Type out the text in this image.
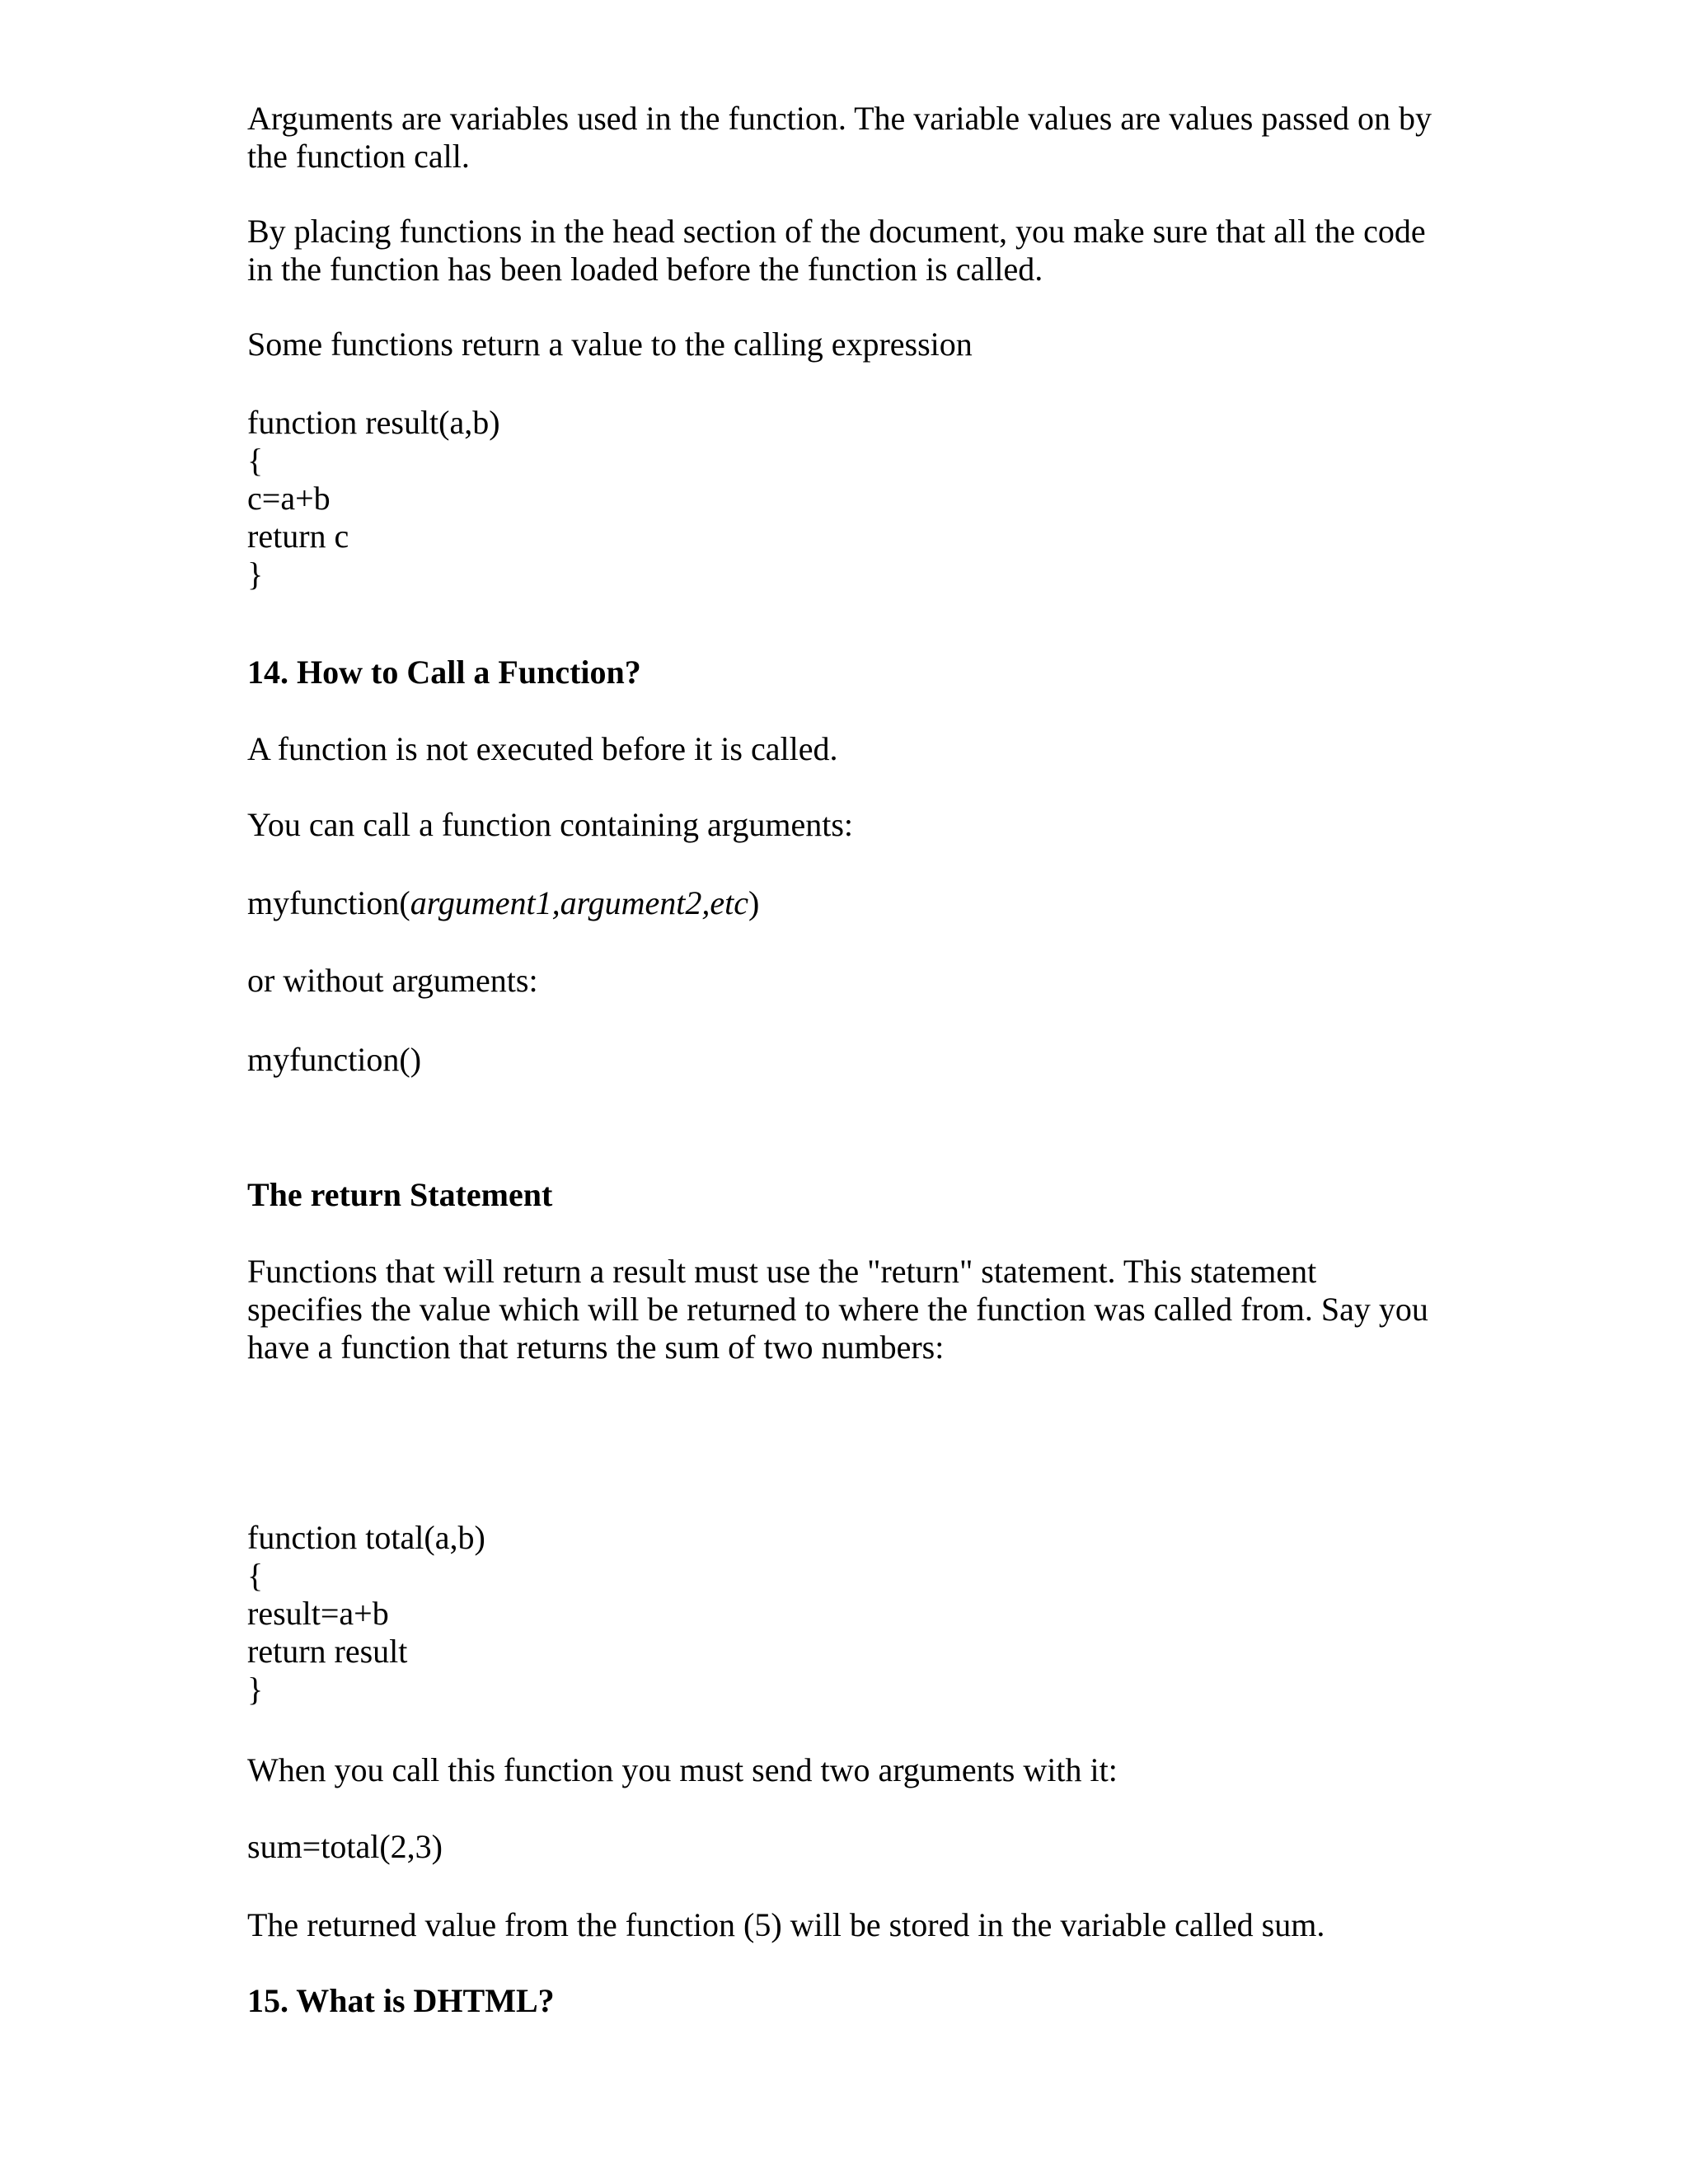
Arguments are variables used in the function. The variable values are values passed on by

the function call.

By placing functions in the head section of the document, you make sure that all the code

in the function has been loaded before the function is called.

Some functions return a value to the calling expression

function result(a,b)

{

c=a+b

return c

}

14. How to Call a Function?

A function is not executed before it is called.

You can call a function containing arguments:

myfunction(argument1,argument2,etc)

or without arguments:

myfunction()

The return Statement

Functions that will return a result must use the "return" statement. This statement

specifies the value which will be returned to where the function was called from. Say you

have a function that returns the sum of two numbers:

function total(a,b)

{

result=a+b

return result

}

When you call this function you must send two arguments with it:

sum=total(2,3)

The returned value from the function (5) will be stored in the variable called sum.

15. What is DHTML?
